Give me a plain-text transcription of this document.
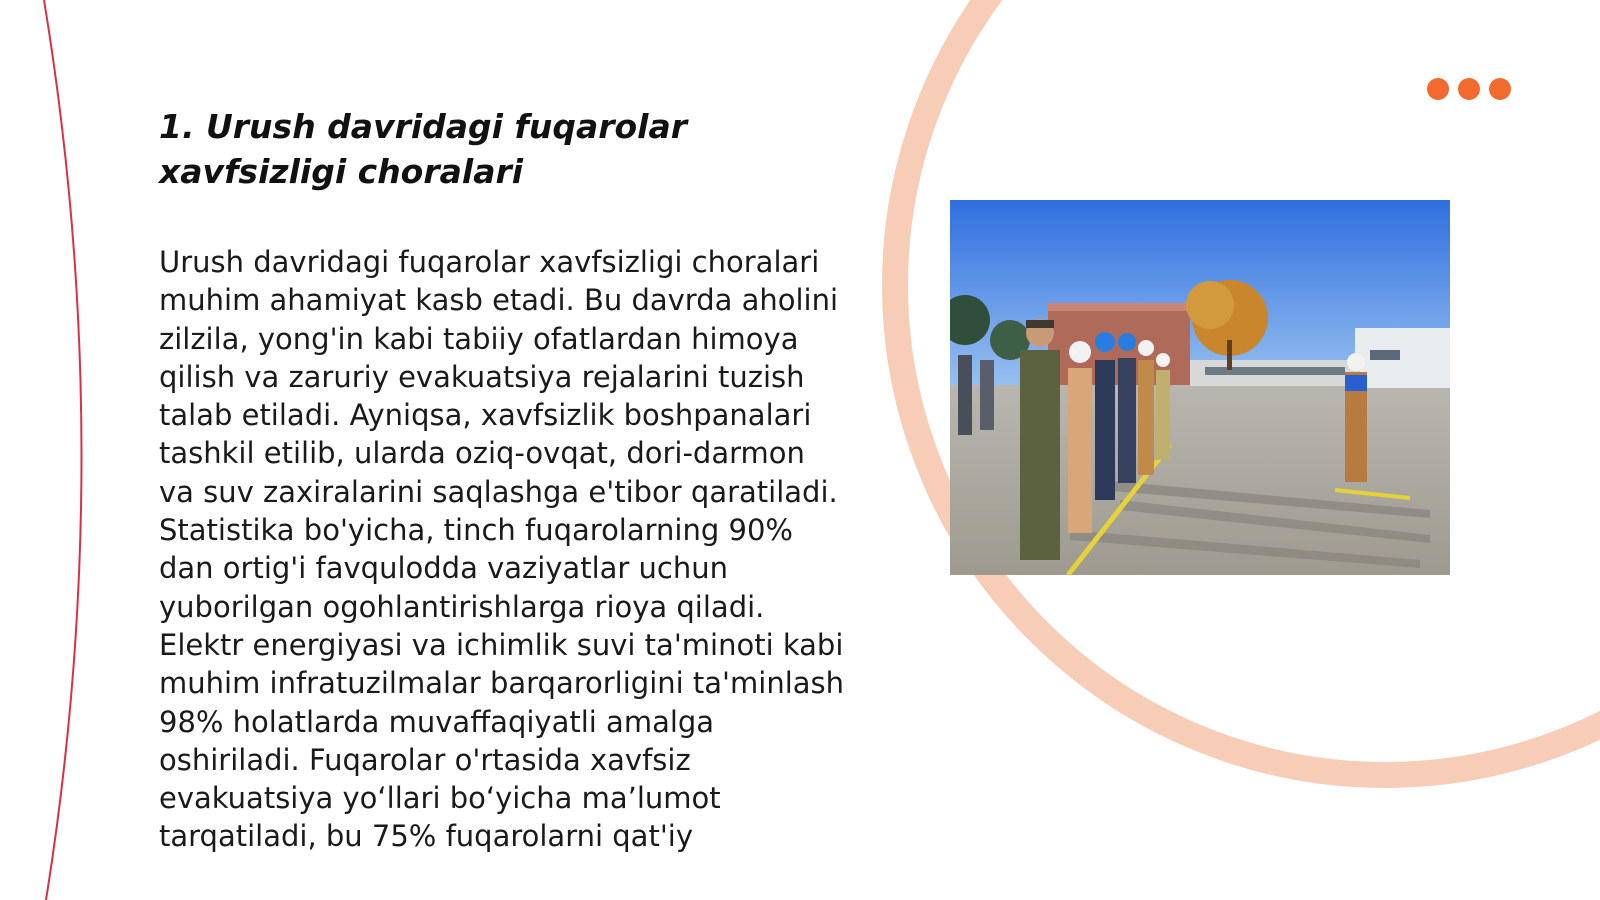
1. Urush davridagi fuqarolar xavfsizligi choralari

Urush davridagi fuqarolar xavfsizligi choralari muhim ahamiyat kasb etadi. Bu davrda aholini zilzila, yong'in kabi tabiiy ofatlardan himoya qilish va zaruriy evakuatsiya rejalarini tuzish talab etiladi. Ayniqsa, xavfsizlik boshpanalari tashkil etilib, ularda oziq-ovqat, dori-darmon va suv zaxiralarini saqlashga e'tibor qaratiladi. Statistika bo'yicha, tinch fuqarolarning 90% dan ortig'i favqulodda vaziyatlar uchun yuborilgan ogohlantirishlarga rioya qiladi. Elektr energiyasi va ichimlik suvi ta'minoti kabi muhim infratuzilmalar barqarorligini ta'minlash 98% holatlarda muvaffaqiyatli amalga oshiriladi. Fuqarolar o'rtasida xavfsiz evakuatsiya yo‘llari bo‘yicha ma’lumot tarqatiladi, bu 75% fuqarolarni qat'iy
